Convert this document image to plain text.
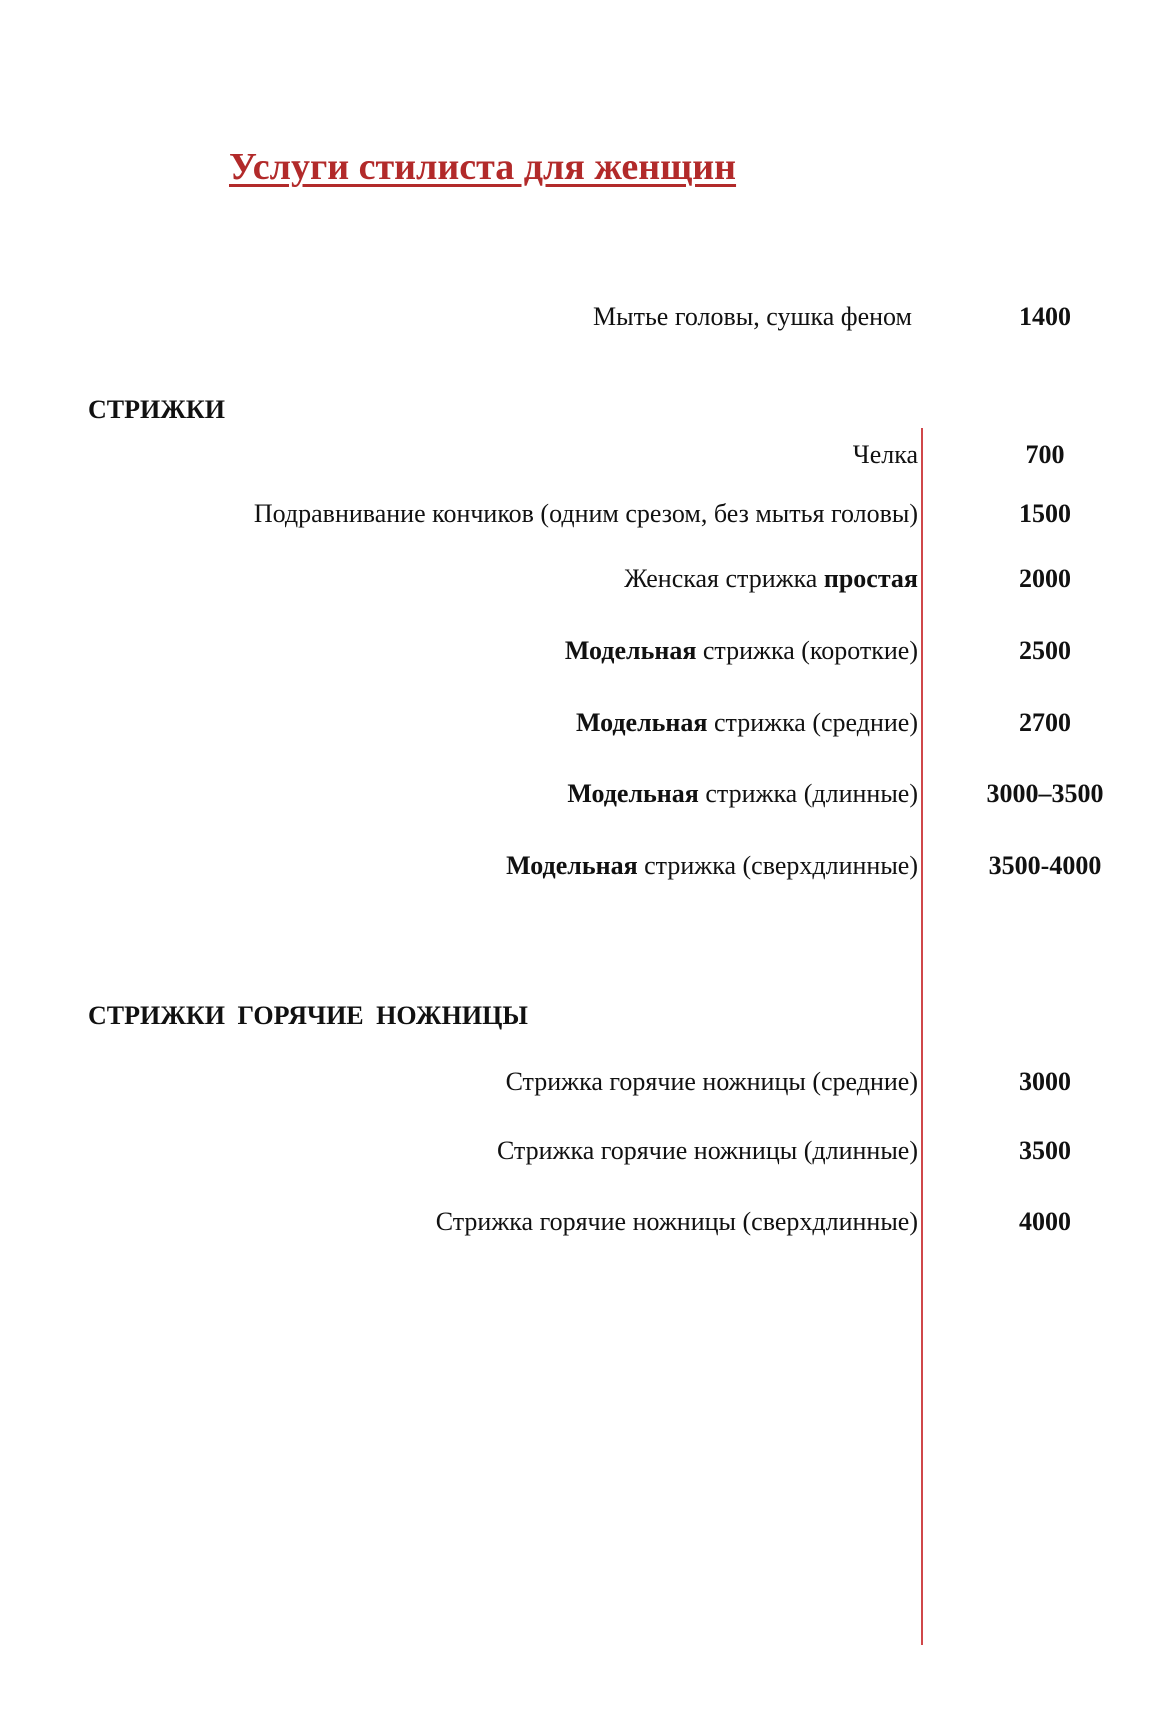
Услуги стилиста для женщин
Мытье головы, сушка феном	1400
СТРИЖКИ
Челка	700
Подравнивание кончиков (одним срезом, без мытья головы)	1500
Женская стрижка простая	2000
Модельная стрижка (короткие)	2500
Модельная стрижка (средние)	2700
Модельная стрижка (длинные)	3000–3500
Модельная стрижка (сверхдлинные)	3500-4000
СТРИЖКИ ГОРЯЧИЕ НОЖНИЦЫ
Стрижка горячие ножницы (средние)	3000
Стрижка горячие ножницы (длинные)	3500
Стрижка горячие ножницы (сверхдлинные)	4000
